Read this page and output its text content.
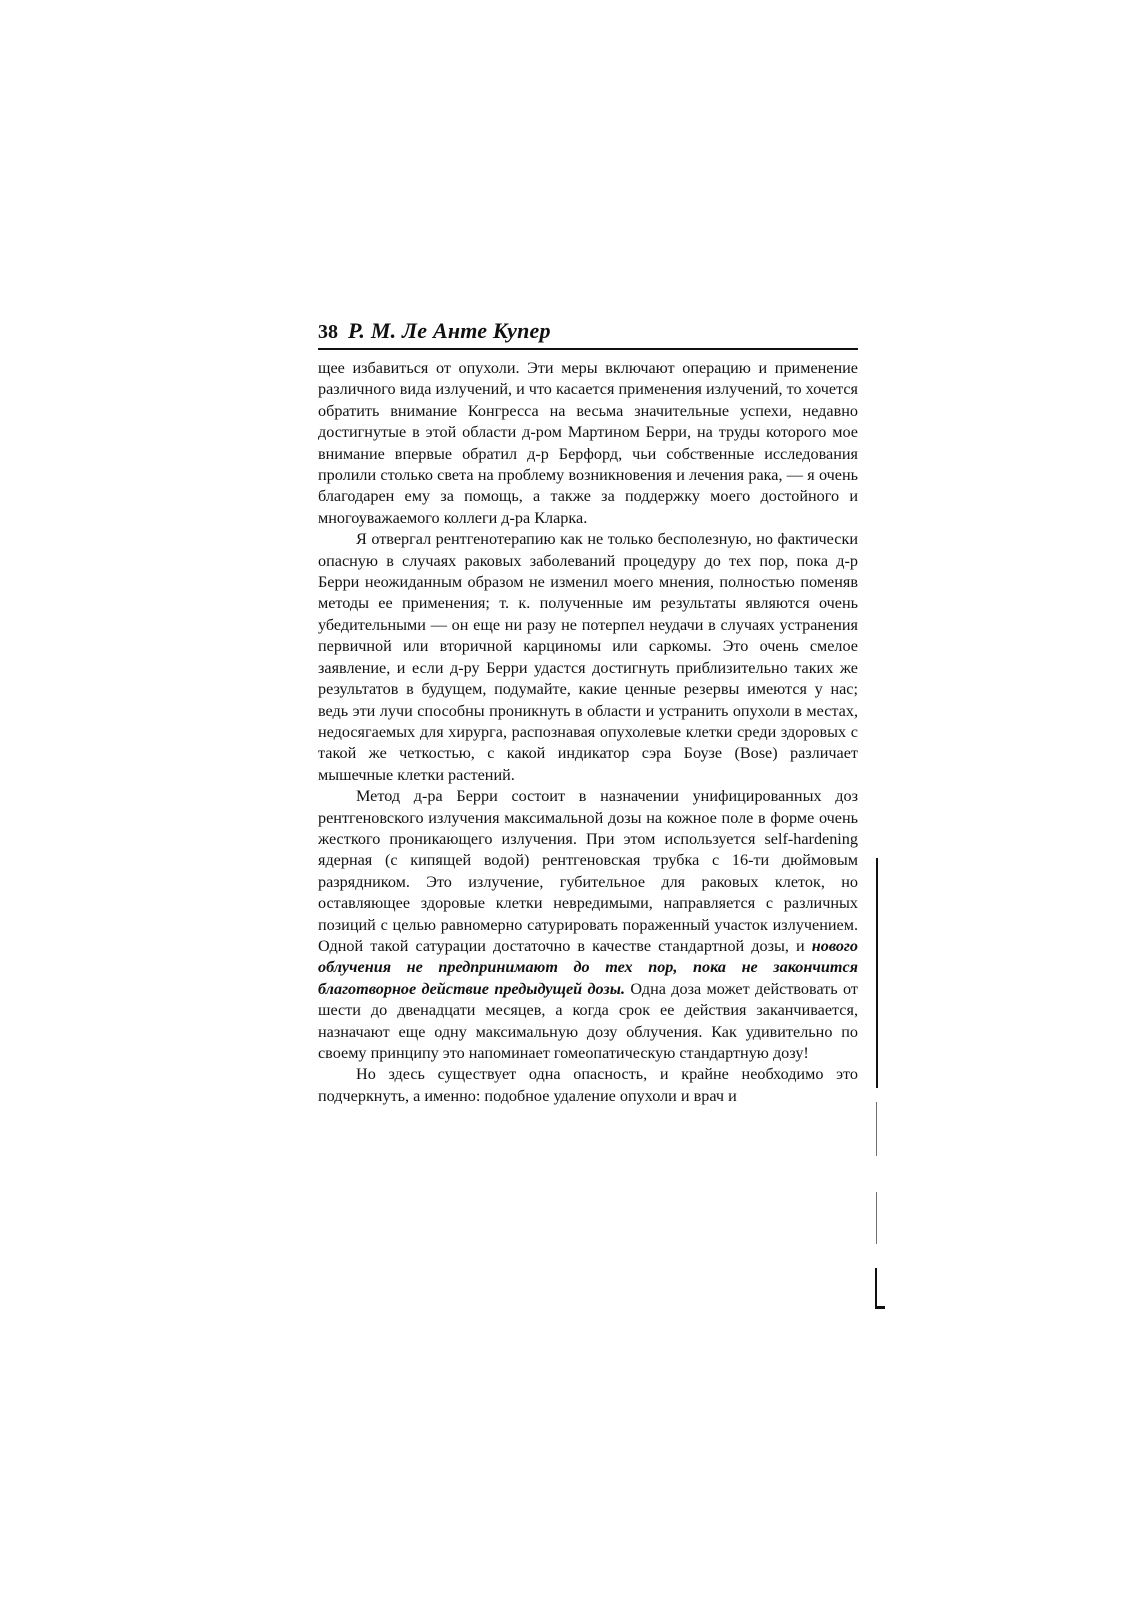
38 Р. М. Ле Анте Купер

щее избавиться от опухоли. Эти меры включают операцию и применение различного вида излучений, и что касается применения излучений, то хочется обратить внимание Конгресса на весьма значительные успехи, недавно достигнутые в этой области д-ром Мартином Берри, на труды которого мое внимание впервые обратил д-р Берфорд, чьи собственные исследования пролили столько света на проблему возникновения и лечения рака, — я очень благодарен ему за помощь, а также за поддержку моего достойного и многоуважаемого коллеги д-ра Кларка.

Я отвергал рентгенотерапию как не только бесполезную, но фактически опасную в случаях раковых заболеваний процедуру до тех пор, пока д-р Берри неожиданным образом не изменил моего мнения, полностью поменяв методы ее применения; т. к. полученные им результаты являются очень убедительными — он еще ни разу не потерпел неудачи в случаях устранения первичной или вторичной карциномы или саркомы. Это очень смелое заявление, и если д-ру Берри удастся достигнуть приблизительно таких же результатов в будущем, подумайте, какие ценные резервы имеются у нас; ведь эти лучи способны проникнуть в области и устранить опухоли в местах, недосягаемых для хирурга, распознавая опухолевые клетки среди здоровых с такой же четкостью, с какой индикатор сэра Боузе (Bose) различает мышечные клетки растений.

Метод д-ра Берри состоит в назначении унифицированных доз рентгеновского излучения максимальной дозы на кожное поле в форме очень жесткого проникающего излучения. При этом используется self-hardening ядерная (с кипящей водой) рентгеновская трубка с 16-ти дюймовым разрядником. Это излучение, губительное для раковых клеток, но оставляющее здоровые клетки невредимыми, направляется с различных позиций с целью равномерно сатурировать пораженный участок излучением. Одной такой сатурации достаточно в качестве стандартной дозы, и нового облучения не предпринимают до тех пор, пока не закончится благотворное действие предыдущей дозы. Одна доза может действовать от шести до двенадцати месяцев, а когда срок ее действия заканчивается, назначают еще одну максимальную дозу облучения. Как удивительно по своему принципу это напоминает гомеопатическую стандартную дозу!

Но здесь существует одна опасность, и крайне необходимо это подчеркнуть, а именно: подобное удаление опухоли и врач и
